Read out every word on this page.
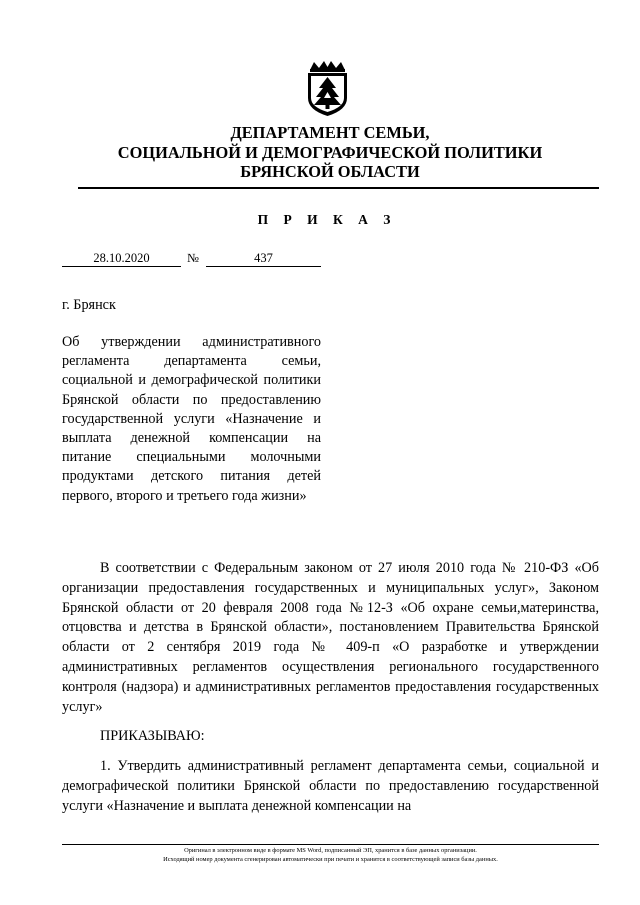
ДЕПАРТАМЕНТ СЕМЬИ,
СОЦИАЛЬНОЙ И ДЕМОГРАФИЧЕСКОЙ ПОЛИТИКИ
БРЯНСКОЙ ОБЛАСТИ
П Р И К А З
28.10.2020	№	437
г. Брянск
Об утверждении административного регламента департамента семьи, социальной и демографической политики Брянской области по предоставлению государственной услуги «Назначение и выплата денежной компенсации на питание специальными молочными продуктами детского питания детей первого, второго и третьего года жизни»

В соответствии с Федеральным законом от 27 июля 2010 года № 210-ФЗ «Об организации предоставления государственных и муниципальных услуг», Законом Брянской области от 20 февраля 2008 года №12-З «Об охране семьи,материнства, отцовства и детства в Брянской области», постановлением Правительства Брянской области от 2 сентября 2019 года № 409-п «О разработке и утверждении административных регламентов осуществления регионального государственного контроля (надзора) и административных регламентов предоставления государственных услуг»

ПРИКАЗЫВАЮ:

1. Утвердить административный регламент департамента семьи, социальной и демографической политики Брянской области по предоставлению государственной услуги «Назначение и выплата денежной компенсации на

Оригинал в электронном виде в формате MS Word, подписанный ЭП, хранится в базе данных организации.
Исходящий номер документа сгенерирован автоматически при печати и хранится в соответствующей записи базы данных.
